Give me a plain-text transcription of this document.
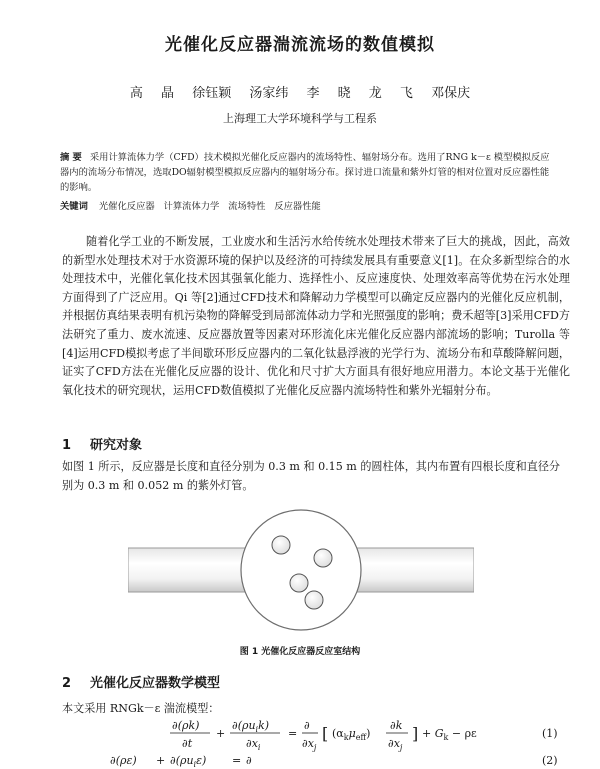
光催化反应器湍流流场的数值模拟
高 晶 徐钰颖 汤家纬 李 晓 龙 飞 邓保庆
上海理工大学环境科学与工程系
摘 要 采用计算流体力学（CFD）技术模拟光催化反应器内的流场特性、辐射场分布。选用了RNG k－ε 模型模拟反应器内的流场分布情况，选取DO辐射模型模拟反应器内的辐射场分布。探讨进口流量和紫外灯管的相对位置对反应器性能的影响。
关键词 光催化反应器 计算流体力学 流场特性 反应器性能
随着化学工业的不断发展，工业废水和生活污水给传统水处理技术带来了巨大的挑战，因此，高效的新型水处理技术对于水资源环境的保护以及经济的可持续发展具有重要意义[1]。在众多新型综合的水处理技术中，光催化氧化技术因其强氧化能力、选择性小、反应速度快、处理效率高等优势在污水处理方面得到了广泛应用。Qi 等[2]通过CFD技术和降解动力学模型可以确定反应器内的光催化反应机制，并根据仿真结果表明有机污染物的降解受到局部流体动力学和光照强度的影响；费禾超等[3]采用CFD方法研究了重力、废水流速、反应器放置等因素对环形流化床光催化反应器内部流场的影响；Turolla 等[4]运用CFD模拟考虑了半间歇环形反应器内的二氧化钛悬浮液的光学行为、流场分布和草酸降解问题，证实了CFD方法在光催化反应器的设计、优化和尺寸扩大方面具有很好地应用潜力。本论文基于光催化氧化技术的研究现状，运用CFD数值模拟了光催化反应器内流场特性和紫外光辐射分布。
1 研究对象
如图 1 所示，反应器是长度和直径分别为 0.3 m 和 0.15 m 的圆柱体，其内布置有四根长度和直径分别为 0.3 m 和 0.052 m 的紫外灯管。
图 1 光催化反应器反应室结构
2 光催化反应器数学模型
本文采用 RNGk－ε 湍流模型：
∂(ρk)
∂t
+
$\partial(\rho u_ik)$
$\partial x_i$
=
∂
$\partial x_j$
[ $(\alpha_k\mu_{eff})$
∂k
$\partial x_j$
] + $G_k - \rho\varepsilon$	(1)
$\partial(\rho\varepsilon) + \partial(\rho u_i\varepsilon)$ = ∂	(2)
